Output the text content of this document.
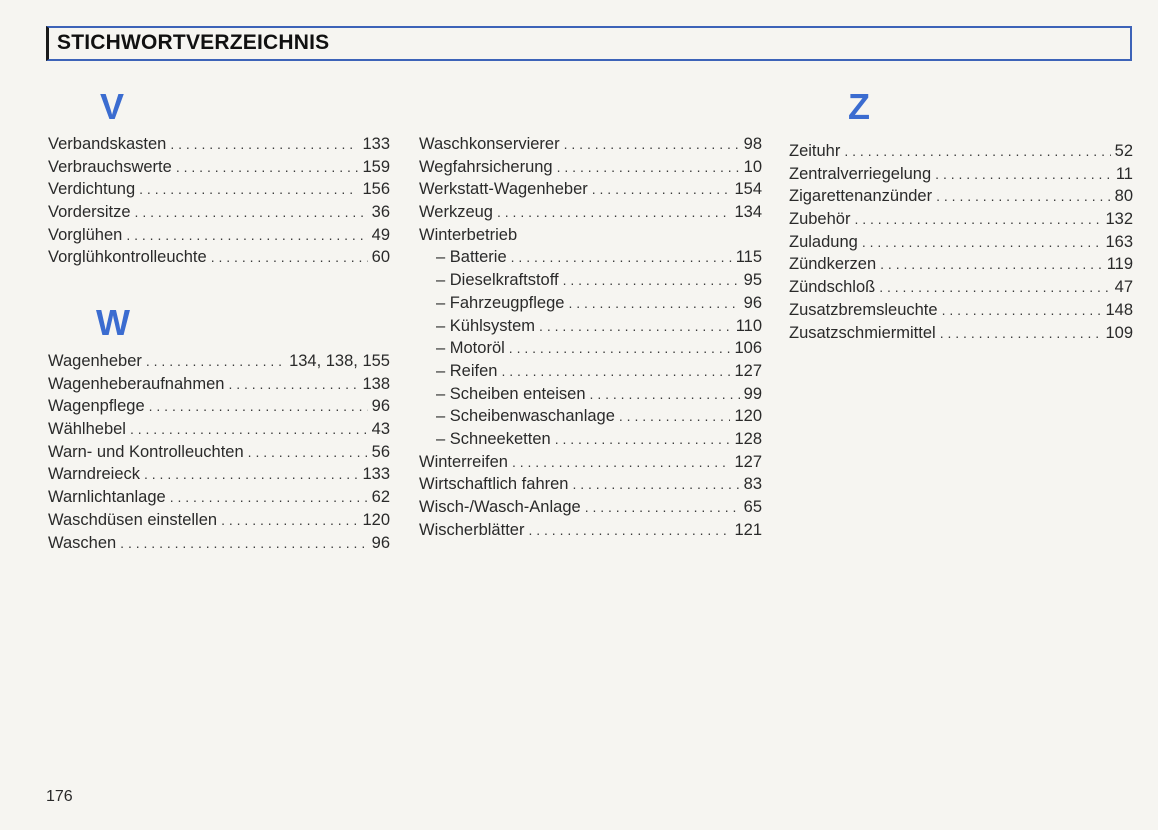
STICHWORTVERZEICHNIS
V
Verbandskasten . . .	133
Verbrauchswerte . . .	159
Verdichtung . . .	156
Vordersitze . . .	36
Vorglühen . . .	49
Vorglühkontrolleuchte . . .	60
W
Wagenheber . . .	134, 138, 155
Wagenheberaufnahmen . . .	138
Wagenpflege . . .	96
Wählhebel . . .	43
Warn- und Kontrolleuchten . . .	56
Warndreieck . . .	133
Warnlichtanlage . . .	62
Waschdüsen einstellen . . .	120
Waschen . . .	96
Waschkonservierer . . .	98
Wegfahrsicherung . . .	10
Werkstatt-Wagenheber . . .	154
Werkzeug . . .	134
Winterbetrieb
– Batterie . . .	115
– Dieselkraftstoff . . .	95
– Fahrzeugpflege . . .	96
– Kühlsystem . . .	110
– Motoröl . . .	106
– Reifen . . .	127
– Scheiben enteisen . . .	99
– Scheibenwaschanlage . . .	120
– Schneeketten . . .	128
Winterreifen . . .	127
Wirtschaftlich fahren . . .	83
Wisch-/Wasch-Anlage . . .	65
Wischerblätter . . .	121
Z
Zeituhr . . .	52
Zentralverriegelung . . .	11
Zigarettenanzünder . . .	80
Zubehör . . .	132
Zuladung . . .	163
Zündkerzen . . .	119
Zündschloß . . .	47
Zusatzbremsleuchte . . .	148
Zusatzschmiermittel . . .	109
176
